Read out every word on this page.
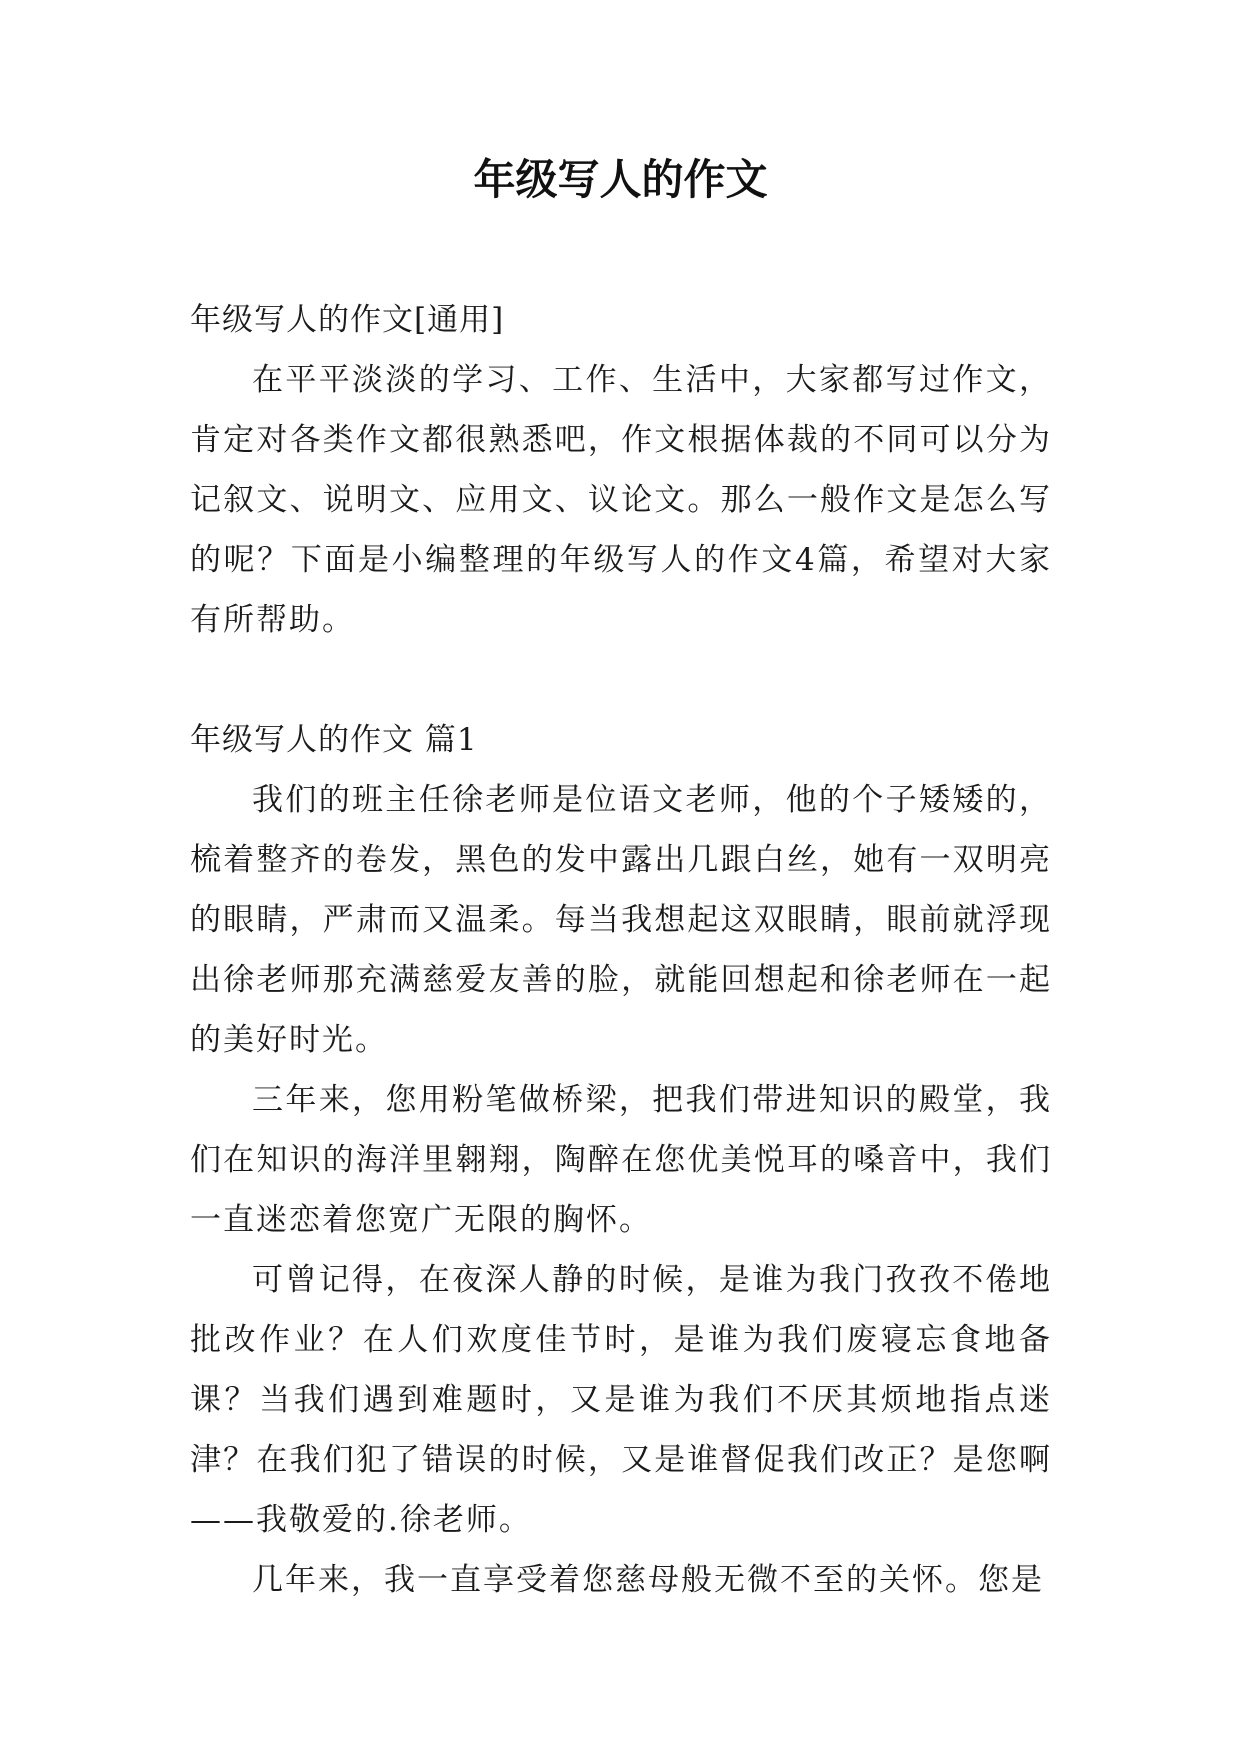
年级写人的作文

年级写人的作文[通用]

在平平淡淡的学习、工作、生活中，大家都写过作文，肯定对各类作文都很熟悉吧，作文根据体裁的不同可以分为记叙文、说明文、应用文、议论文。那么一般作文是怎么写的呢？下面是小编整理的年级写人的作文4篇，希望对大家有所帮助。

年级写人的作文 篇1

我们的班主任徐老师是位语文老师，他的个子矮矮的，梳着整齐的卷发，黑色的发中露出几跟白丝，她有一双明亮的眼睛，严肃而又温柔。每当我想起这双眼睛，眼前就浮现出徐老师那充满慈爱友善的脸，就能回想起和徐老师在一起的美好时光。

三年来，您用粉笔做桥梁，把我们带进知识的殿堂，我们在知识的海洋里翱翔，陶醉在您优美悦耳的嗓音中，我们一直迷恋着您宽广无限的胸怀。

可曾记得，在夜深人静的时候，是谁为我门孜孜不倦地批改作业？在人们欢度佳节时，是谁为我们废寝忘食地备课？当我们遇到难题时，又是谁为我们不厌其烦地指点迷津？在我们犯了错误的时候，又是谁督促我们改正？是您啊——我敬爱的.徐老师。

几年来，我一直享受着您慈母般无微不至的关怀。您是
